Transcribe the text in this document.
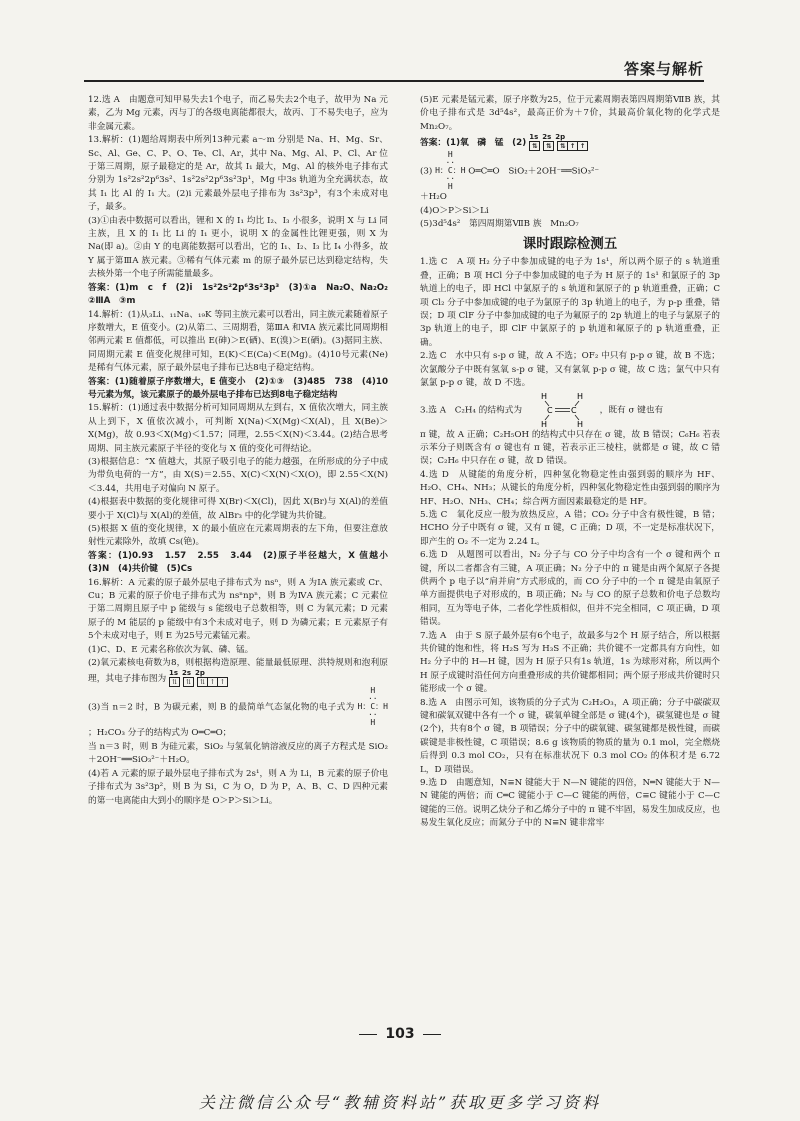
答案与解析

12.选 A　由题意可知甲易失去1个电子，而乙易失去2个电子，故甲为 Na 元素，乙为 Mg 元素，丙与丁的各级电离能都很大，故丙、丁不易失电子，应为非金属元素。

13.解析：(1)题给周期表中所列13种元素 a～m 分别是 Na、H、Mg、Sr、Sc、Al、Ge、C、P、O、Te、Cl、Ar，其中 Na、Mg、Al、P、Cl、Ar 位于第三周期，原子最稳定的是 Ar，故其 I₁ 最大，Mg、Al 的核外电子排布式分别为 1s²2s²2p⁶3s²、1s²2s²2p⁶3s²3p¹，Mg 中3s 轨道为全充满状态，故其 I₁ 比 Al 的 I₁ 大。(2)i 元素最外层电子排布为 3s²3p³，有3个未成对电子，最多。

(3)①由表中数据可以看出，锂和 X 的 I₁ 均比 I₂、I₃ 小很多，说明 X 与 Li 同主族，且 X 的 I₁ 比 Li 的 I₁ 更小，说明 X 的金属性比锂更强，则 X 为 Na(即 a)。②由 Y 的电离能数据可以看出，它的 I₁、I₂、I₃ 比 I₄ 小得多，故 Y 属于第ⅢA 族元素。③稀有气体元素 m 的原子最外层已达到稳定结构，失去核外第一个电子所需能量最多。

答案：(1)m　c　f　(2)i　1s²2s²2p⁶3s²3p³　(3)①a　Na₂O、Na₂O₂　②ⅢA　③m

14.解析：(1)从₃Li、₁₁Na、₁₉K 等同主族元素可以看出，同主族元素随着原子序数增大，E 值变小。(2)从第二、三周期看，第ⅢA 和ⅥA 族元素比同周期相邻两元素 E 值都低，可以推出 E(砷)＞E(硒)、E(溴)＞E(硒)。(3)据同主族、同周期元素 E 值变化规律可知，E(K)＜E(Ca)＜E(Mg)。(4)10号元素(Ne)是稀有气体元素，原子最外层电子排布已达8电子稳定结构。

答案：(1)随着原子序数增大，E 值变小　(2)①③　(3)485　738　(4)10号元素为氖，该元素原子的最外层电子排布已达到8电子稳定结构

15.解析：(1)通过表中数据分析可知同周期从左到右，X 值依次增大，同主族从上到下，X 值依次减小，可判断 X(Na)＜X(Mg)＜X(Al)，且 X(Be)＞X(Mg)，故 0.93＜X(Mg)＜1.57；同理，2.55＜X(N)＜3.44。(2)结合思考周期、同主族元素原子半径的变化与 X 值的变化可得结论。

(3)根据信息：“X 值越大，其原子吸引电子的能力越强，在所形成的分子中成为带负电荷的一方”，由 X(S)＝2.55、X(C)＜X(N)＜X(O)，即 2.55＜X(N)＜3.44，共用电子对偏向 N 原子。

(4)根据表中数据的变化规律可得 X(Br)＜X(Cl)，因此 X(Br)与 X(Al)的差值要小于 X(Cl)与 X(Al)的差值，故 AlBr₃ 中的化学键为共价键。

(5)根据 X 值的变化规律，X 的最小值应在元素周期表的左下角，但要注意放射性元素除外，故填 Cs(铯)。

答案：(1)0.93　1.57　2.55　3.44　(2)原子半径越大，X 值越小　(3)N　(4)共价键　(5)Cs

16.解析：A 元素的原子最外层电子排布式为 nsⁿ，则 A 为ⅠA 族元素或 Cr、Cu；B 元素的原子价电子排布式为 nsⁿnpⁿ，则 B 为ⅣA 族元素；C 元素位于第二周期且原子中 p 能级与 s 能级电子总数相等，则 C 为氧元素；D 元素原子的 M 能层的 p 能级中有3个未成对电子，则 D 为磷元素；E 元素原子有5个未成对电子，则 E 为25号元素锰元素。

(1)C、D、E 元素名称依次为氧、磷、锰。

(2)氧元素核电荷数为8，则根据构造原理、能量最低原理、洪特规则和泡利原理，其电子排布图为
1s 2s 2p
⇅	⇅	⇅ ↑ ↑

(3)当 n＝2 时，B 为碳元素，则 B 的最简单气态氢化物的电子式为 H
··
H：C：H
··
H ；H₂CO₃ 分子的结构式为 O═C═O；

当 n＝3 时，则 B 为硅元素，SiO₂ 与氢氧化钠溶液反应的离子方程式是 SiO₂＋2OH⁻══SiO₃²⁻＋H₂O。

(4)若 A 元素的原子最外层电子排布式为 2s¹，则 A 为 Li，B 元素的原子价电子排布式为 3s²3p²，则 B 为 Si，C 为 O，D 为 P，A、B、C、D 四种元素的第一电离能由大到小的顺序是 O＞P＞Si＞Li。

(5)E 元素是锰元素，原子序数为25，位于元素周期表第四周期第ⅦB 族，其价电子排布式是 3d⁵4s²，最高正价为＋7价，其最高价氧化物的化学式是 Mn₂O₇。

答案：(1)氧　磷　锰　(2)
1s 2s 2p
⇅	⇅	⇅ ↑ ↑

(3) H
··
H：C：H
··
H O═C═O　SiO₂＋2OH⁻══SiO₃²⁻

＋H₂O

(4)O＞P＞Si＞Li

(5)3d⁵4s²　第四周期第ⅦB 族　Mn₂O₇

课时跟踪检测五

1.选 C　A 项 H₂ 分子中参加成键的电子为 1s¹，所以两个原子的 s 轨道重叠，正确；B 项 HCl 分子中参加成键的电子为 H 原子的 1s¹ 和氯原子的 3p 轨道上的电子，即 HCl 中氯原子的 s 轨道和氯原子的 p 轨道重叠，正确；C 项 Cl₂ 分子中参加成键的电子为氯原子的 3p 轨道上的电子，为 p-p 重叠，错误；D 项 ClF 分子中参加成键的电子为氟原子的 2p 轨道上的电子与氯原子的 3p 轨道上的电子，即 ClF 中氯原子的 p 轨道和氟原子的 p 轨道重叠，正确。

2.选 C　水中只有 s-p σ 键，故 A 不选；OF₂ 中只有 p-p σ 键，故 B 不选；次氯酸分子中既有氢氧 s-p σ 键，又有氯氧 p-p σ 键，故 C 选；氯气中只有氯氯 p-p σ 键，故 D 不选。

3.选 A　C₂H₄ 的结构式为
H	H
C C
H	H
，既有 σ 键也有

π 键，故 A 正确；C₂H₅OH 的结构式中只存在 σ 键，故 B 错误；C₆H₆ 若表示苯分子则既含有 σ 键也有 π 键，若表示正三棱柱，就都是 σ 键，故 C 错误；C₂H₆ 中只存在 σ 键，故 D 错误。

4.选 D　从键能的角度分析，四种氢化物稳定性由强到弱的顺序为 HF、H₂O、CH₄、NH₃；从键长的角度分析，四种氢化物稳定性由强到弱的顺序为 HF、H₂O、NH₃、CH₄；综合两方面因素最稳定的是 HF。

5.选 C　氧化反应一般为放热反应，A 错；CO₂ 分子中含有极性键，B 错；HCHO 分子中既有 σ 键，又有 π 键，C 正确；D 项，不一定是标准状况下，即产生的 O₂ 不一定为 2.24 L。

6.选 D　从题图可以看出，N₂ 分子与 CO 分子中均含有一个 σ 键和两个 π 键，所以二者都含有三键，A 项正确；N₂ 分子中的 π 键是由两个氮原子各提供两个 p 电子以“肩并肩”方式形成的，而 CO 分子中的一个 π 键是由氧原子单方面提供电子对形成的，B 项正确；N₂ 与 CO 的原子总数和价电子总数均相同，互为等电子体，二者化学性质相似，但并不完全相同，C 项正确，D 项错误。

7.选 A　由于 S 原子最外层有6个电子，故最多与2个 H 原子结合，所以根据共价键的饱和性，将 H₂S 写为 H₃S 不正确；共价键不一定都具有方向性，如 H₂ 分子中的 H—H 键，因为 H 原子只有1s 轨道，1s 为球形对称，所以两个 H 原子成键时沿任何方向重叠形成的共价键都相同；两个原子形成共价键时只能形成一个 σ 键。

8.选 A　由图示可知，该物质的分子式为 C₂H₂O₃，A 项正确；分子中碳碳双键和碳氧双键中各有一个 σ 键，碳氧单键全部是 σ 键(4个)，碳氢键也是 σ 键(2个)，共有8个 σ 键，B 项错误；分子中的碳氧键、碳氢键都是极性键，而碳碳键是非极性键，C 项错误；8.6 g 该物质的物质的量为 0.1 mol，完全燃烧后得到 0.3 mol CO₂，只有在标准状况下 0.3 mol CO₂ 的体积才是 6.72 L，D 项错误。

9.选 D　由题意知，N≡N 键能大于 N—N 键能的四倍，N═N 键能大于 N—N 键能的两倍；而 C═C 键能小于 C—C 键能的两倍，C≡C 键能小于 C—C 键能的三倍。说明乙炔分子和乙烯分子中的 π 键不牢固，易发生加成反应，也易发生氧化反应；而氮分子中的 N≡N 键非常牢

103
关注微信公众号“教辅资料站”获取更多学习资料
